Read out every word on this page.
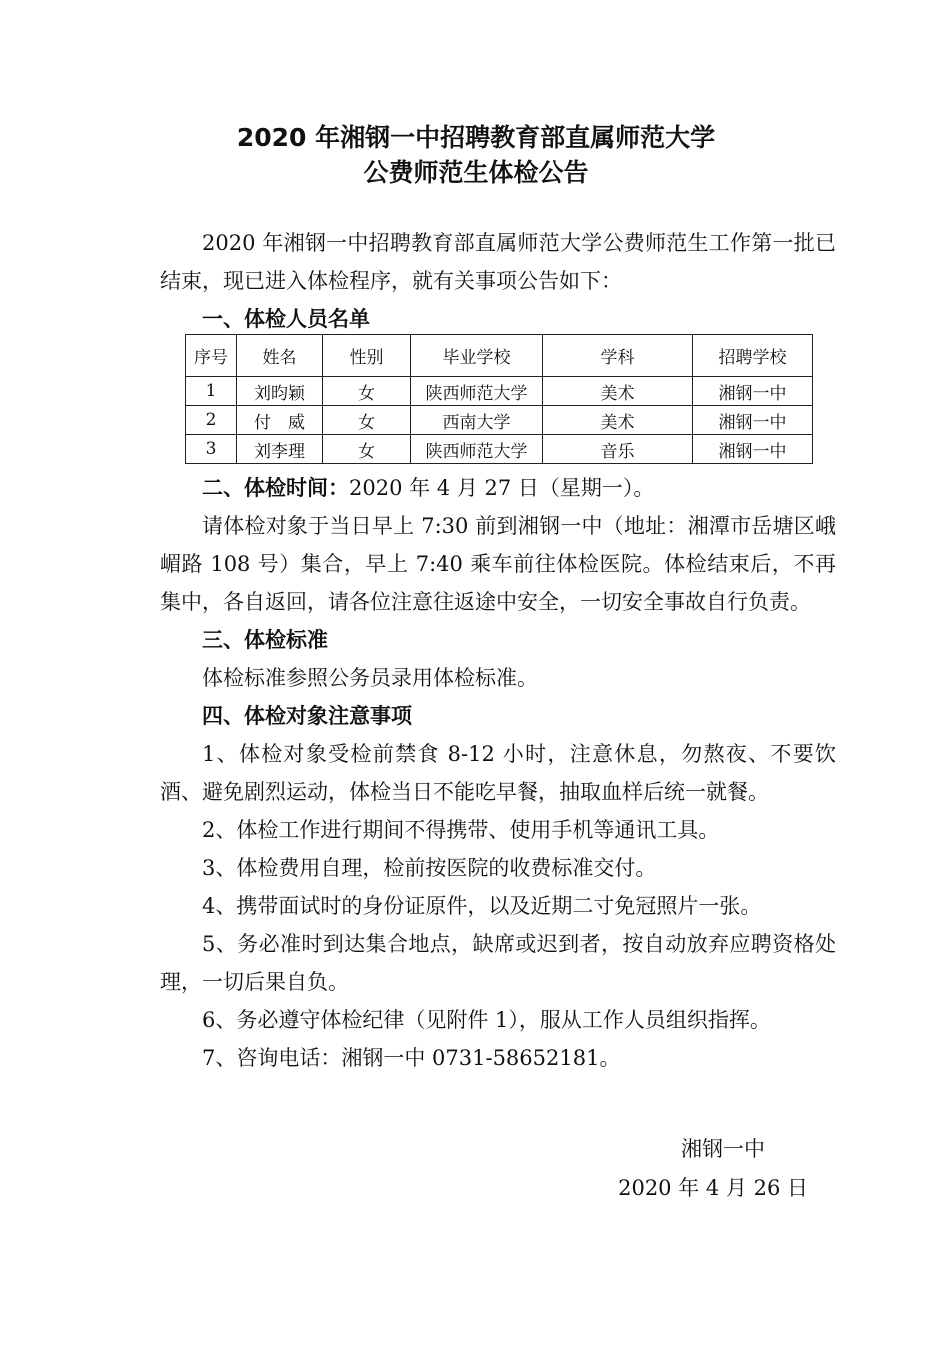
2020 年湘钢一中招聘教育部直属师范大学
公费师范生体检公告

2020 年湘钢一中招聘教育部直属师范大学公费师范生工作第一批已结束，现已进入体检程序，就有关事项公告如下：

一、体检人员名单

序号	姓名	性别	毕业学校	学科	招聘学校
1	刘昀颖	女	陕西师范大学	美术	湘钢一中
2	付　威	女	西南大学	美术	湘钢一中
3	刘李理	女	陕西师范大学	音乐	湘钢一中

二、体检时间：2020 年 4 月 27 日（星期一）。

请体检对象于当日早上 7:30 前到湘钢一中（地址：湘潭市岳塘区峨嵋路 108 号）集合，早上 7:40 乘车前往体检医院。体检结束后，不再集中，各自返回，请各位注意往返途中安全，一切安全事故自行负责。

三、体检标准

体检标准参照公务员录用体检标准。

四、体检对象注意事项

1、体检对象受检前禁食 8-12 小时，注意休息，勿熬夜、不要饮酒、避免剧烈运动，体检当日不能吃早餐，抽取血样后统一就餐。

2、体检工作进行期间不得携带、使用手机等通讯工具。

3、体检费用自理，检前按医院的收费标准交付。

4、携带面试时的身份证原件，以及近期二寸免冠照片一张。

5、务必准时到达集合地点，缺席或迟到者，按自动放弃应聘资格处理，一切后果自负。

6、务必遵守体检纪律（见附件 1），服从工作人员组织指挥。

7、咨询电话：湘钢一中 0731-58652181。

湘钢一中
2020 年 4 月 26 日
